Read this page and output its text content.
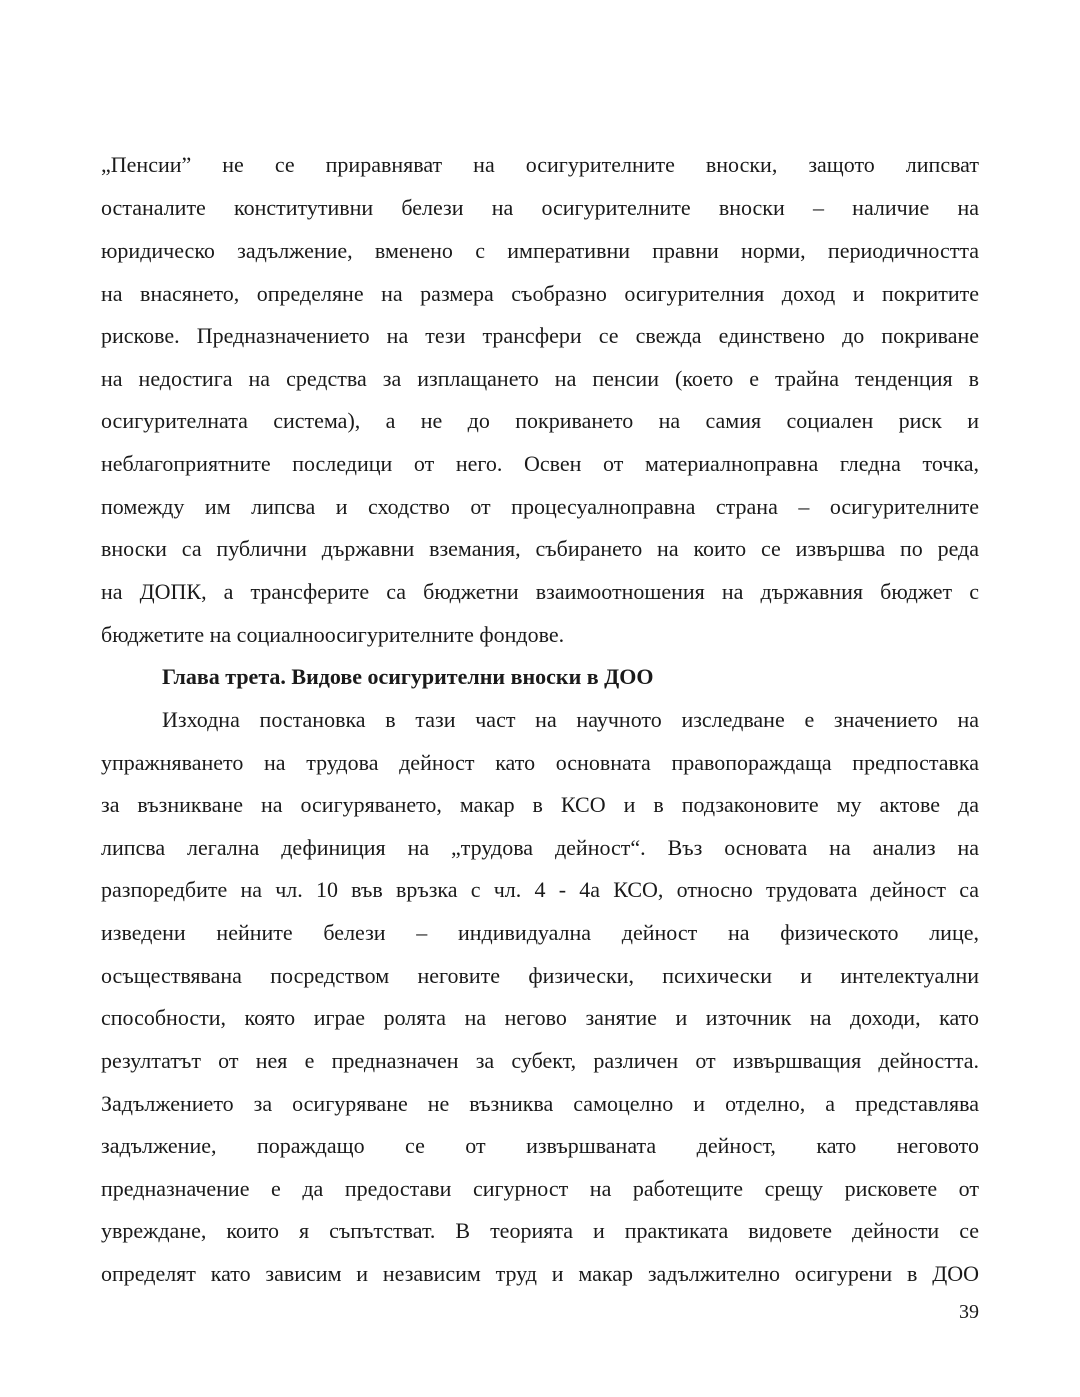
„Пенсии” не се приравняват на осигурителните вноски, защото липсват
останалите конститутивни белези на осигурителните вноски – наличие на
юридическо задължение, вменено с императивни правни норми, периодичността
на внасянето, определяне на размера съобразно осигурителния доход и покритите
рискове. Предназначението на тези трансфери се свежда единствено до покриване
на недостига на средства за изплащането на пенсии (което е трайна тенденция в
осигурителната система), а не до покриването на самия социален риск и
неблагоприятните последици от него. Освен от материалноправна гледна точка,
помежду им липсва и сходство от процесуалноправна страна – осигурителните
вноски са публични държавни вземания, събирането на които се извършва по реда
на ДОПК, а трансферите са бюджетни взаимоотношения на държавния бюджет с
бюджетите на социалноосигурителните фондове.
Глава трета. Видове осигурителни вноски в ДОО
Изходна постановка в тази част на научното изследване е значението на
упражняването на трудова дейност като основната правопораждаща предпоставка
за възникване на осигуряването, макар в КСО и в подзаконовите му актове да
липсва легална дефиниция на „трудова дейност“. Въз основата на анализ на
разпоредбите на чл. 10 във връзка с чл. 4 - 4а КСО, относно трудовата дейност са
изведени нейните белези – индивидуална дейност на физическото лице,
осъществявана посредством неговите физически, психически и интелектуални
способности, която играе ролята на негово занятие и източник на доходи, като
резултатът от нея е предназначен за субект, различен от извършващия дейността.
Задължението за осигуряване не възниква самоцелно и отделно, а представлява
задължение, пораждащо се от извършваната дейност, като неговото
предназначение е да предостави сигурност на работещите срещу рисковете от
увреждане, които я съпътстват. В теорията и практиката видовете дейности се
определят като зависим и независим труд и макар задължително осигурени в ДОО
39
